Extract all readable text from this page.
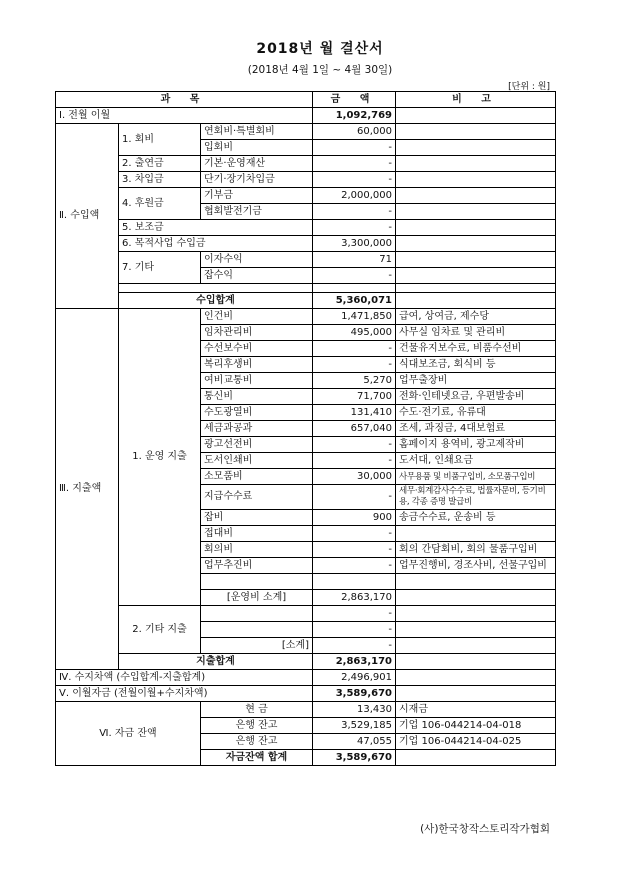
2018년 월 결산서
(2018년 4월 1일 ~ 4월 30일)
[단위 : 원]
과 목			금 액	비 고
Ⅰ. 전월 이월			1,092,769	
Ⅱ. 수입액	1. 회비	연회비·특별회비	60,000	
		입회비	-	
	2. 출연금	기본·운영재산	-	
	3. 차입금	단기·장기차입금	-	
	4. 후원금	기부금	2,000,000	
		협회발전기금	-	
	5. 보조금		-	
	6. 목적사업 수입금		3,300,000	
	7. 기타	이자수익	71	
		잡수익	-	

	수입합계		5,360,071	
Ⅲ. 지출액	1. 운영 지출	인건비	1,471,850	급여, 상여금, 제수당
		임차관리비	495,000	사무실 임차료 및 관리비
		수선보수비	-	건물유지보수료, 비품수선비
		복리후생비	-	식대보조금, 회식비 등
		여비교통비	5,270	업무출장비
		통신비	71,700	전화·인테넷요금, 우편발송비
		수도광열비	131,410	수도·전기료, 유류대
		세금과공과	657,040	조세, 과징금, 4대보험료
		광고선전비	-	홈페이지 용역비, 광고제작비
		도서인쇄비	-	도서대, 인쇄요금
		소모품비	30,000	사무용품 및 비품구입비, 소모품구입비
		지급수수료	-	세무·회계감사수수료, 법률자문비, 등기비용, 각종 증명 발급비
		잡비	900	송금수수료, 운송비 등
		접대비	-	
		회의비	-	회의 간담회비, 회의 물품구입비
		업무추진비	-	업무진행비, 경조사비, 선물구입비

		[운영비 소계]	2,863,170	
	2. 기타 지출		-	
			-	
		[소계]	-	
	지출합계		2,863,170	
Ⅳ. 수지차액 (수입합계-지출합계)			2,496,901	
Ⅴ. 이월자금 (전월이월+수지차액)			3,589,670	
Ⅵ. 자금 잔액		현 금	13,430	시재금
		은행 잔고	3,529,185	기업 106-044214-04-018
		은행 잔고	47,055	기업 106-044214-04-025
		자금잔액 합계	3,589,670	
(사)한국창작스토리작가협회
